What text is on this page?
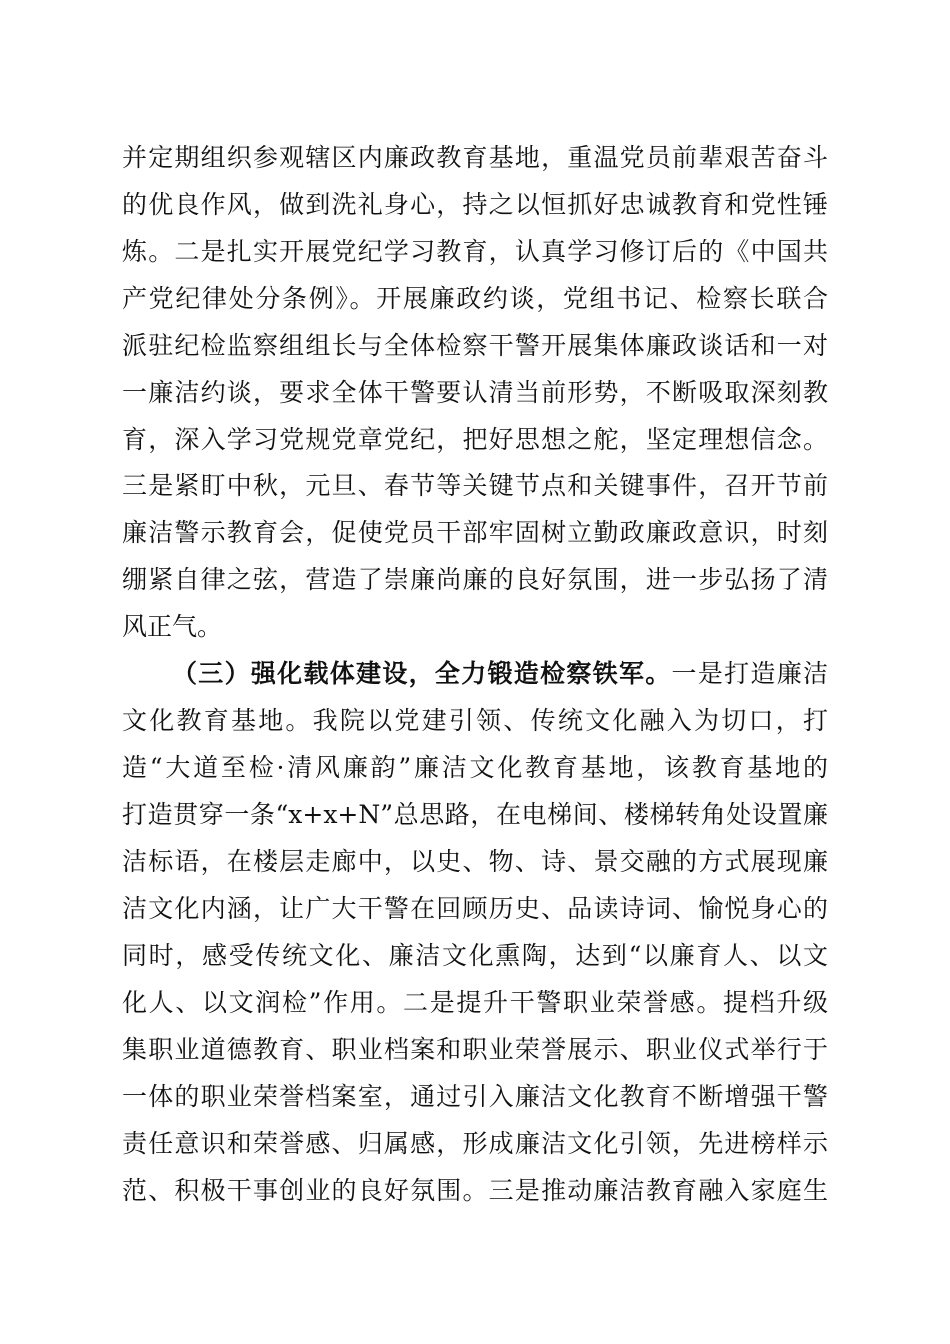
并定期组织参观辖区内廉政教育基地，重温党员前辈艰苦奋斗
的优良作风，做到洗礼身心，持之以恒抓好忠诚教育和党性锤
炼。二是扎实开展党纪学习教育，认真学习修订后的《中国共
产党纪律处分条例》。开展廉政约谈，党组书记、检察长联合
派驻纪检监察组组长与全体检察干警开展集体廉政谈话和一对
一廉洁约谈，要求全体干警要认清当前形势，不断吸取深刻教
育，深入学习党规党章党纪，把好思想之舵，坚定理想信念。
三是紧盯中秋，元旦、春节等关键节点和关键事件，召开节前
廉洁警示教育会，促使党员干部牢固树立勤政廉政意识，时刻
绷紧自律之弦，营造了崇廉尚廉的良好氛围，进一步弘扬了清
风正气。
（三）强化载体建设，全力锻造检察铁军。一是打造廉洁
文化教育基地。我院以党建引领、传统文化融入为切口，打
造“大道至检·清风廉韵”廉洁文化教育基地，该教育基地的
打造贯穿一条“x+x+N”总思路，在电梯间、楼梯转角处设置廉
洁标语，在楼层走廊中，以史、物、诗、景交融的方式展现廉
洁文化内涵，让广大干警在回顾历史、品读诗词、愉悦身心的
同时，感受传统文化、廉洁文化熏陶，达到“以廉育人、以文
化人、以文润检”作用。二是提升干警职业荣誉感。提档升级
集职业道德教育、职业档案和职业荣誉展示、职业仪式举行于
一体的职业荣誉档案室，通过引入廉洁文化教育不断增强干警
责任意识和荣誉感、归属感，形成廉洁文化引领，先进榜样示
范、积极干事创业的良好氛围。三是推动廉洁教育融入家庭生
